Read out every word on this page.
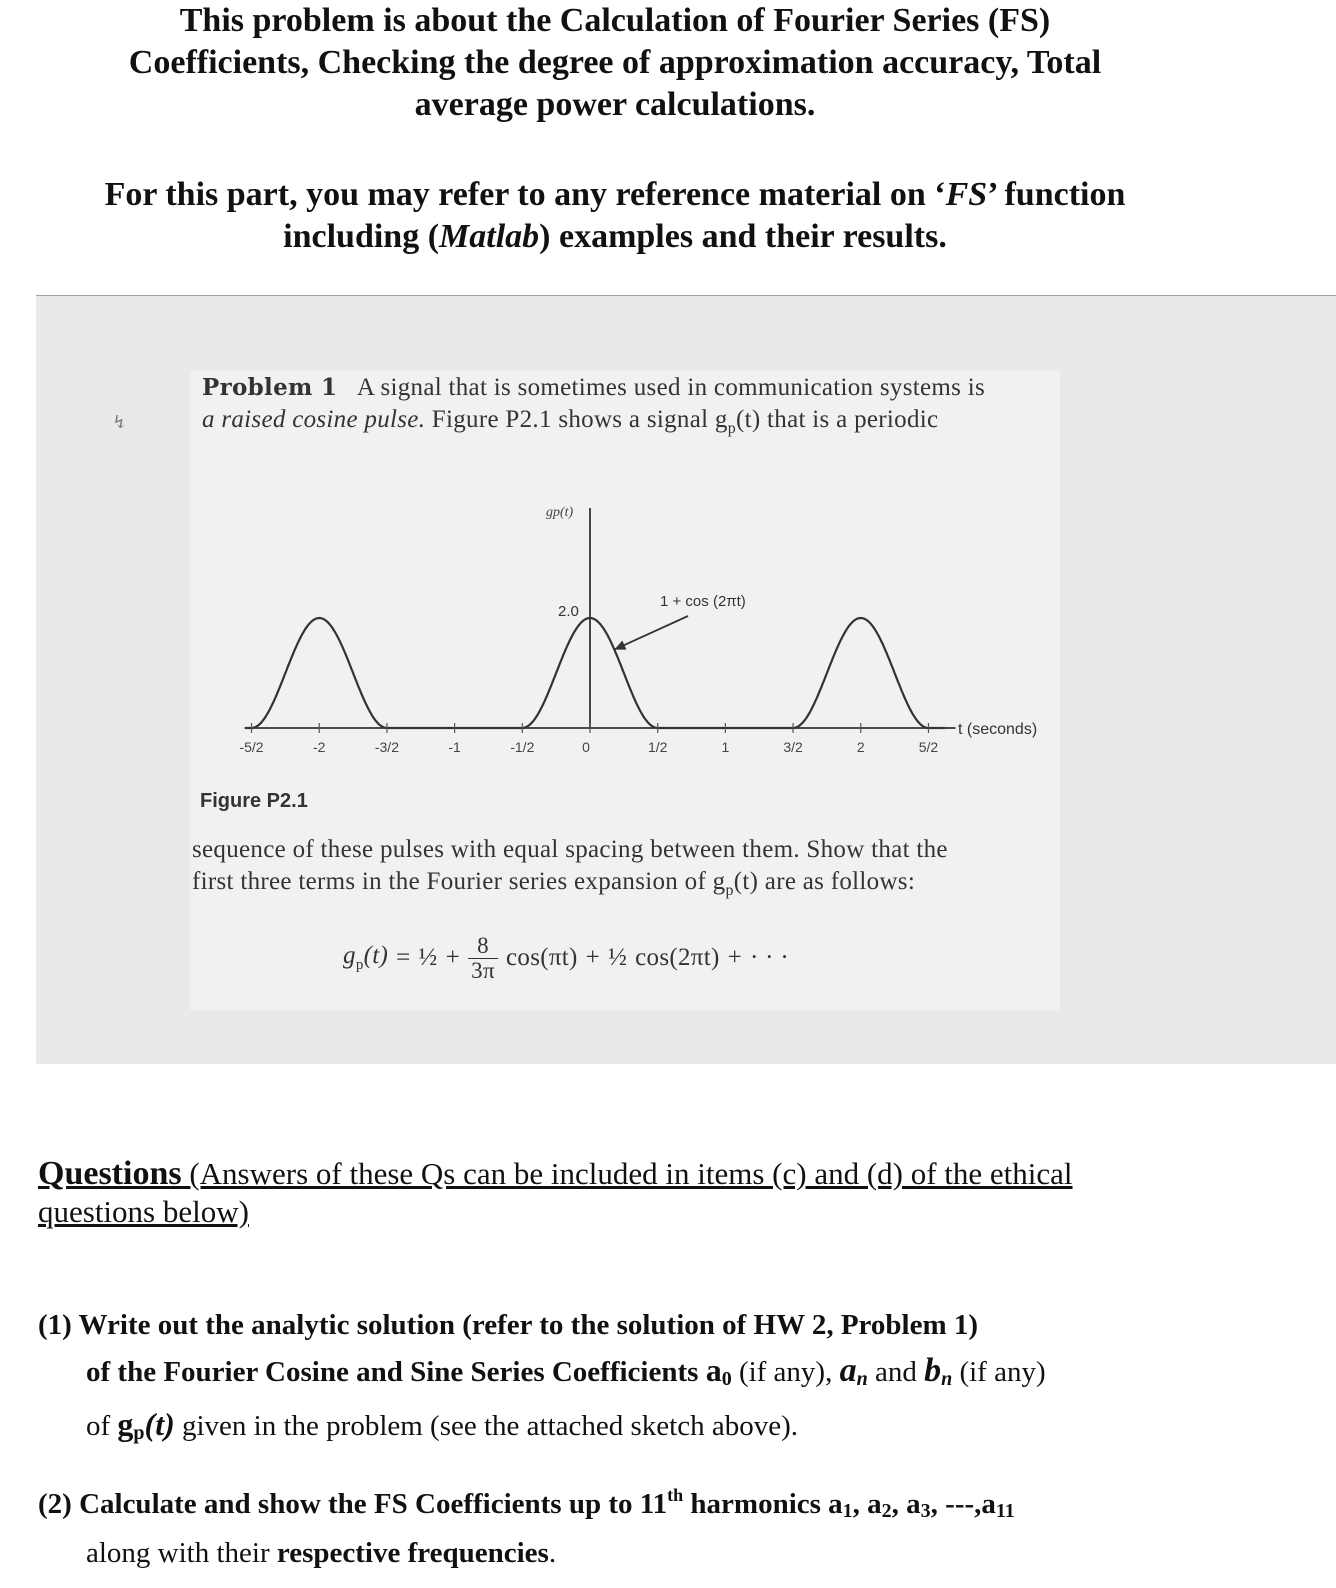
This problem is about the Calculation of Fourier Series (FS)
Coefficients, Checking the degree of approximation accuracy, Total
average power calculations.
For this part, you may refer to any reference material on ‘FS’ function
including (Matlab) examples and their results.
↯
Problem 1 A signal that is sometimes used in communication systems is
a raised cosine pulse. Figure P2.1 shows a signal $g_p(t)$ that is a periodic
-5/2	-2	-3/2	-1	-1/2	0	1/2	1	3/2	2	5/2
gp(t)
2.0
t (seconds)
1 + cos (2πt)
Figure P2.1
sequence of these pulses with equal spacing between them. Show that the
first three terms in the Fourier series expansion of $g_p(t)$ are as follows:
$g_p(t)$ = ½ + 8
3π cos(πt) + ½ cos(2πt) + · · ·
Questions (Answers of these Qs can be included in items (c) and (d) of the ethical questions below)
(1) Write out the analytic solution (refer to the solution of HW 2, Problem 1)
of the Fourier Cosine and Sine Series Coefficients $a_0$ (if any), $a_n$ and $b_n$ (if any)
of $g_p(t)$ given in the problem (see the attached sketch above).
(2) Calculate and show the FS Coefficients up to 11th harmonics $a_1$, $a_2$, $a_3$, $---,a_{11}$
along with their respective frequencies.
